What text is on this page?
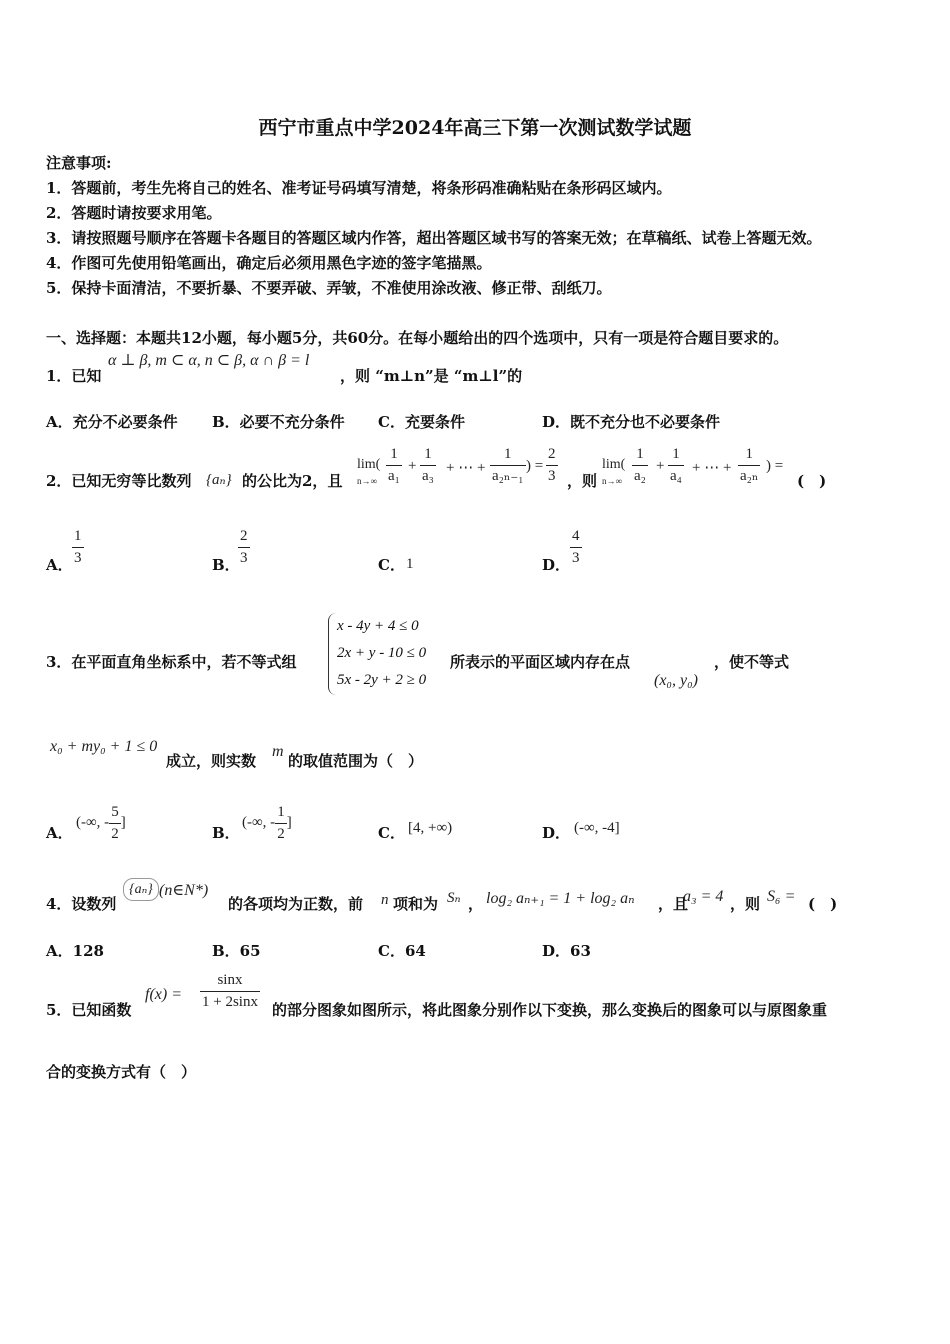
西宁市重点中学2024年高三下第一次测试数学试题
注意事项:
1．答题前，考生先将自己的姓名、准考证号码填写清楚，将条形码准确粘贴在条形码区域内。
2．答题时请按要求用笔。
3．请按照题号顺序在答题卡各题目的答题区域内作答，超出答题区域书写的答案无效；在草稿纸、试卷上答题无效。
4．作图可先使用铅笔画出，确定后必须用黑色字迹的签字笔描黑。
5．保持卡面清洁，不要折暴、不要弄破、弄皱，不准使用涂改液、修正带、刮纸刀。
一、选择题：本题共12小题，每小题5分，共60分。在每小题给出的四个选项中，只有一项是符合题目要求的。
1．已知
α ⊥ β, m ⊂ α, n ⊂ β, α ∩ β = l
，则 “m⊥n”是 “m⊥l”的
A．充分不必要条件 B．必要不充分条件 C．充要条件	D．既不充分也不必要条件
2．已知无穷等比数列 {aₙ} 的公比为2，且
lim(
$n\to\infty \frac{1}{\text{a₁}} + \frac{1}{\text{a₃}}$ + ⋯ + $\frac{1}{\text{a₂ₙ₋₁}}$ ) = $\frac{2}{3}$ ，则
lim(
$n\to\infty \frac{1}{\text{a₂}} + \frac{1}{\text{a₄}}$ + ⋯ + $\frac{1}{\text{a₂ₙ}}$ ) =
(　)
A． $\frac{1}{3}$	B．
$\frac{2}{3}$	C． 1	D． $\frac{4}{3}$
3．在平面直角坐标系中，若不等式组
x - 4y + 4 ≤ 0
2x + y - 10 ≤ 0
5x - 2y + 2 ≥ 0
所表示的平面区域内存在点
(x₀, y₀)
，使不等式
x₀ + my₀ + 1 ≤ 0
成立，则实数
m
的取值范围为（　）
A．
(-∞, - $\frac{5}{2}$ ]
B．
(-∞, - $\frac{1}{2}$ ]
C． [4, +∞)	D． (-∞, -4]
4．设数列
{aₙ} (n∈N*)
的各项均为正数，前 n 项和为 Sₙ ， log₂ aₙ₊₁ = 1 + log₂ aₙ ，且
a₃ = 4 ，则 S₆ = (　)
A．128	B．65	C．64	D．63
5．已知函数
$f(x) = \frac{\sin x}{1 + 2\sin x}$ 的部分图象如图所示，将此图象分别作以下变换，那么变换后的图象可以与原图象重
合的变换方式有（　）
